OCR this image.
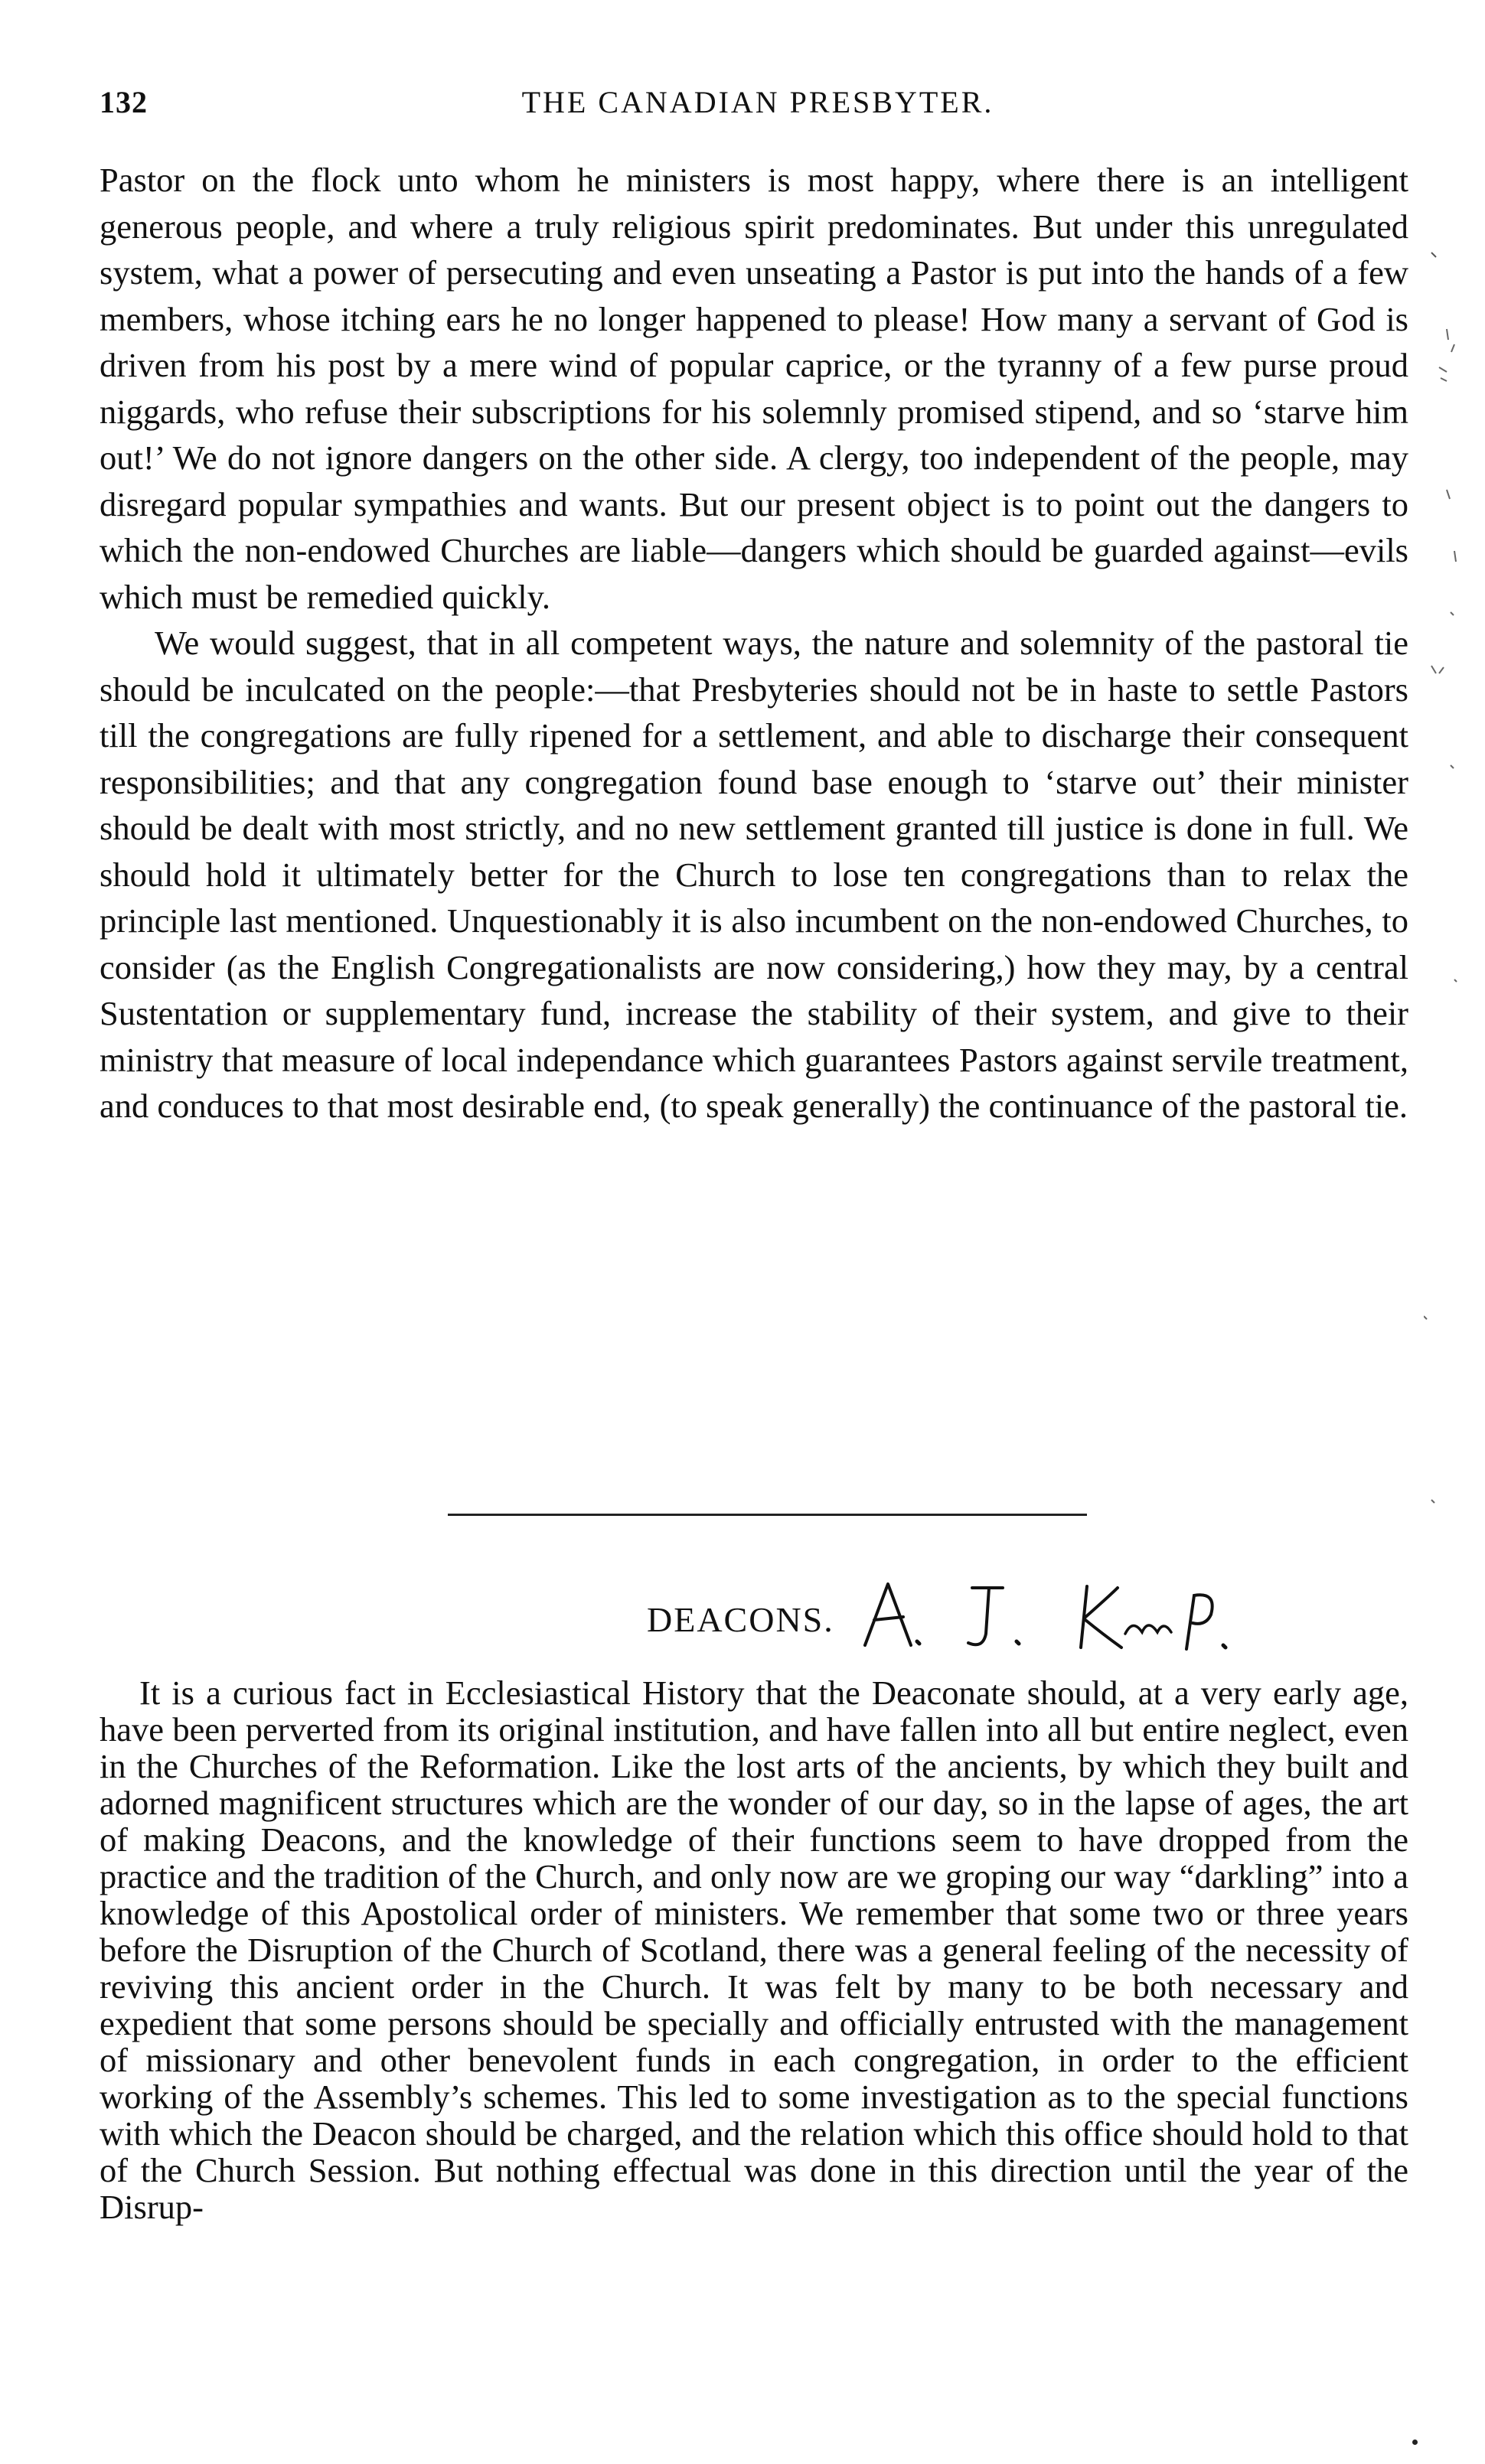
132	THE CANADIAN PRESBYTER.

Pastor on the flock unto whom he ministers is most happy, where there is an intelligent generous people, and where a truly religious spirit predominates. But under this unregulated system, what a power of persecuting and even unseating a Pastor is put into the hands of a few members, whose itching ears he no longer happened to please! How many a servant of God is driven from his post by a mere wind of popular caprice, or the tyranny of a few purse proud niggards, who refuse their subscriptions for his solemnly promised stipend, and so ‘starve him out!’ We do not ignore dangers on the other side. A clergy, too independent of the people, may disregard popular sympathies and wants. But our present object is to point out the dangers to which the non-endowed Churches are liable—dangers which should be guarded against—evils which must be remedied quickly.

We would suggest, that in all competent ways, the nature and solemnity of the pastoral tie should be inculcated on the people:—that Presbyteries should not be in haste to settle Pastors till the congregations are fully ripened for a settlement, and able to discharge their consequent responsibilities; and that any congregation found base enough to ‘starve out’ their minister should be dealt with most strictly, and no new settlement granted till justice is done in full. We should hold it ultimately better for the Church to lose ten congregations than to relax the principle last mentioned. Unquestionably it is also incumbent on the non-endowed Churches, to consider (as the English Congregationalists are now considering,) how they may, by a central Sustentation or supplementary fund, increase the stability of their system, and give to their ministry that measure of local independance which guarantees Pastors against servile treatment, and conduces to that most desirable end, (to speak generally) the continuance of the pastoral tie.

DEACONS.

It is a curious fact in Ecclesiastical History that the Deaconate should, at a very early age, have been perverted from its original institution, and have fallen into all but entire neglect, even in the Churches of the Reformation. Like the lost arts of the ancients, by which they built and adorned magnificent structures which are the wonder of our day, so in the lapse of ages, the art of making Deacons, and the knowledge of their functions seem to have dropped from the practice and the tradition of the Church, and only now are we groping our way “darkling” into a knowledge of this Apostolical order of ministers. We remember that some two or three years before the Disruption of the Church of Scotland, there was a general feeling of the necessity of reviving this ancient order in the Church. It was felt by many to be both necessary and expedient that some persons should be specially and officially entrusted with the management of missionary and other benevolent funds in each congregation, in order to the efficient working of the Assembly’s schemes. This led to some investigation as to the special functions with which the Deacon should be charged, and the relation which this office should hold to that of the Church Session. But nothing effectual was done in this direction until the year of the Disrup-
